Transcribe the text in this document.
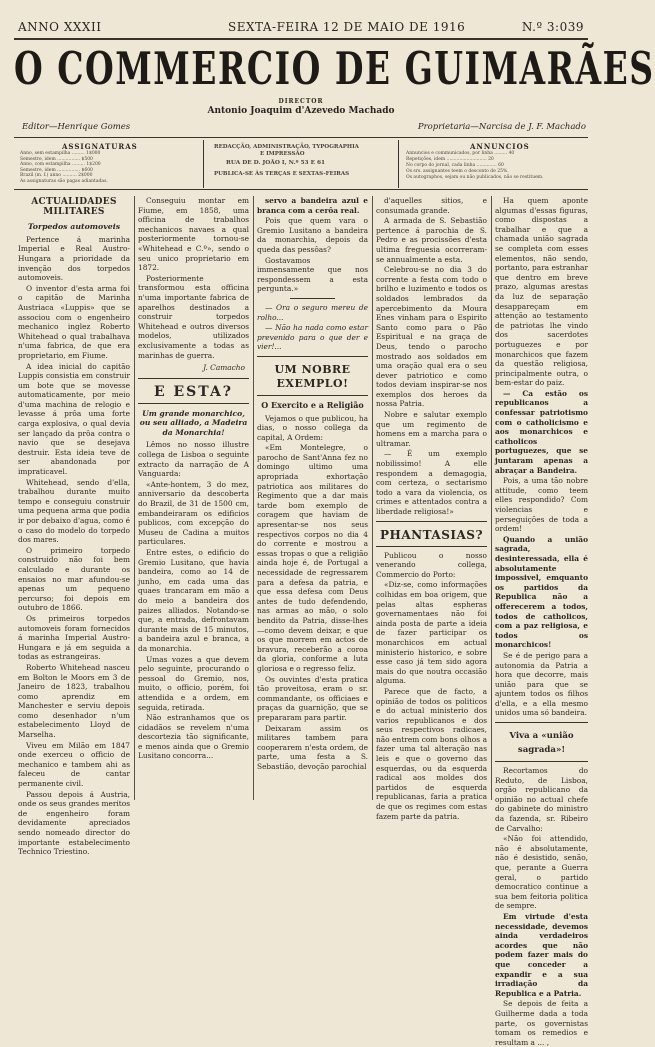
ANNO XXXII	SEXTA-FEIRA 12 DE MAIO DE 1916	N.º 3:039
O COMMERCIO DE GUIMARÃES
DIRECTOR
Antonio Joaquim d'Azevedo Machado
Editor—Henrique Gomes	Proprietaria—Narcisa de J. F. Machado
ASSIGNATURAS
Anno, sem estampilha ......... 1$000
Semestre, idem ................ $500
Anno, com estampilha ......... 1$200
Semestre, idem ................ $600
Brazil (m. f.) anno .......... 2$000
As assignaturas são pagas adiantadas.
REDACÇÃO, ADMINISTRAÇÃO, TYPOGRAPHIA
E IMPRESSÃO
RUA DE D. JOÃO I, N.º 53 E 61
PUBLICA-SE ÀS TERÇAS E SEXTAS-FEIRAS
ANNUNCIOS
Annuncios e communicados, por linha ......... 40
Repetições, idem ............................ 20
No corpo do jornal, cada linha .............. 60
Os srs. assignantes teem o desconto de 25%.
Os autographos, sejam ou não publicados, não se restituem.
ACTUALIDADES MILITARES
Torpedos automoveis

Pertence á marinha Imperial e Real Austro-Hungara a prioridade da invenção dos torpedos automoveis.

O inventor d'esta arma foi o capitão de Marinha Austriaca «Luppis» que se associou com o engenheiro mechanico inglez Roberto Whitehead o qual trabalhava n'uma fabrica, de que era proprietario, em Fiume.

A idea inicial do capitão Luppis consistia em construir um bote que se movesse automaticamente, por meio d'uma machina de relogio e levasse á prôa uma forte carga explosiva, o qual devia ser lançado da prôa contra o navio que se desejava destruir. Esta ideia teve de ser abandonada por impraticavel.

Whitehead, sendo d'ella, trabalhou durante muito tempo e conseguiu construir uma pequena arma que podia ir por debaixo d'agua, como é o caso do modelo do torpedo dos mares.

O primeiro torpedo construido não foi bem calculado e durante os ensaios no mar afundou-se apenas um pequeno percurso; foi depois em outubro de 1866.

Os primeiros torpedos automoveis foram fornecidos á marinha Imperial Austro-Hungara e já em seguida a todas as estrangeiras.

Roberto Whitehead nasceu em Bolton le Moors em 3 de Janeiro de 1823, trabalhou como aprendiz em Manchester e serviu depois como desenhador n'um estabelecimento Lloyd de Marselha.

Viveu em Milão em 1847 onde exerceu o officio de mechanico e tambem ahi as faleceu de cantar permanente civil.

Passou depois á Austria, onde os seus grandes meritos de engenheiro foram devidamente apreciados sendo nomeado director do importante estabelecimento Technico Triestino.

Conseguiu montar em Fiume, em 1858, uma officina de trabalhos mechanicos navaes a qual posteriormente tornou-se «Whitehead e C.º», sendo o seu unico proprietario em 1872.

Posteriormente transformou esta officina n'uma importante fabrica de aparelhos destinados a construir torpedos Whitehead e outros diversos modelos, utilizados exclusivamente a todas as marinhas de guerra.

J. Camacho
E ESTA?
Um grande monarchico, ou seu alliado, a Madeira da Monarchia!

Lêmos no nosso illustre collega de Lisboa o seguinte extracto da narração de A Vanguarda:

«Ante-hontem, 3 do mez, anniversario da descoberta do Brazil, de 31 de 1500 cm, embandeiraram os edificios publicos, com excepção do Museu de Cadina a muitos particulares.

Entre estes, o edificio do Gremio Lusitano, que havia bandeira, como ao 14 de junho, em cada uma das quaes trancaram em mão a do meio a bandeira dos paizes alliados. Notando-se que, a entrada, defrontavam durante mais de 15 minutos, a bandeira azul e branca, a da monarchia.

Umas vozes a que devem pelo seguinte, procurando o pessoal do Gremio, nos, muito, o officio, porém, foi attendida e a ordem, em seguida, retirada.

Não estranhamos que os cidadãos se revelem n'uma descortezia tão significante, e menos ainda que o Gremio Lusitano concorra...

servo a bandeira azul e branca com a cerôa real.

Pois que quem vara o Gremio Lusitano a bandeira da monarchia, depois da queda das pessôas?

Gostavamos immensamente que nos respondessem a esta pergunta.»

— Ora o seguro mereu de rolho...

— Não ha nada como estar prevenido para o que der e vier!...

UM NOBRE EXEMPLO!
O Exercito e a Religião

Vejamos o que publicou, ha dias, o nosso collega da capital, A Ordem:

«Em Montelegre, o parocho de Sant'Anna fez no domingo ultimo uma apropriada exhortação patriotica aos militares do Regimento que a dar mais tarde bom exemplo de coragem que haviam de apresentar-se nos seus respectivos corpos no dia 4 do corrente e mostrou a essas tropas o que a religião ainda hoje é, de Portugal a necessidade de regressarem para a defesa da patria, e que essa defesa com Deus antes de tudo defendendo, nas armas ao mão, o solo bendito da Patria, disse-lhes—como devem deixar, e que os que morrem em actos de bravura, receberão a coroa da gloria, conforme a luta gloriosa e o regresso feliz.

Os ouvintes d'esta pratica tão proveitosa, eram o sr. commandante, os officiaes e praças da guarnição, que se prepararam para partir.

Deixaram assim os militares tambem para cooperarem n'esta ordem, de parte, uma festa a S. Sebastião, devoção parochial

d'aquelles sitios, e consumada grande.

A armada de S. Sebastião pertence á parochia de S. Pedro e as procissões d'esta ultima freguesia ocorreram-se annualmente a esta.

Celebrou-se no dia 3 do corrente a festa com todo o brilho e luzimento e todos os soldados lembrados da apercebimento da Moura Enes vinham para o Espirito Santo como para o Pão Espiritual e na graça de Deus, tendo o parocho mostrado aos soldados em uma oração qual era o seu dever patriotico e como todos deviam inspirar-se nos exemplos dos heroes da nossa Patria.

Nobre e salutar exemplo que um regimento de homens em a marcha para o ultramar.

— É um exemplo nobilissimo! A elle respondem a demagogia, com certeza, o sectarismo todo a vara da violencia, os crimes e attentados contra a liberdade religiosa!»

PHANTASIAS?

Publicou o nosso venerando collega, Commercio do Porto:

«Diz-se, como informações colhidas em boa origem, que pelas altas espheras governamentaes não foi ainda posta de parte a ideia de fazer participar os monarchicos em actual ministerio historico, e sobre esse caso já tem sido agora mais do que noutra occasião alguma.

Parece que de facto, a opinião de todos os politicos e do actual ministerio dos varios republicanos e dos seus respectivos radicaes, não entrem com bons olhos a fazer uma tal alteração nas leis e que o governo das esquerdas, ou da esquerda radical aos moldes dos partidos de esquerda republicanas, faria a pratica de que os regimes com estas fazem parte da patria.

Ha quem aponte algumas d'essas figuras, como dispostas a trabalhar e que a chamada união sagrada se completa com esses elementos, não sendo, portanto, para estranhar que dentro em breve prazo, algumas arestas da luz de separação desappareçam em attenção ao testamento de patriotas lhe vindo dos sacerdotes portuguezes e por monarchicos que fazem da questão religiosa, principalmente outra, o bem-estar do paiz.

— Ca estão os republicanos a confessar patriotismo com o catholicismo e aos monarchicos e catholicos portuguezes, que se juntaram apenas a abraçar a Bandeira.

Pois, a uma tão nobre attitude, como teem elles respondido? Com violencias e perseguições de toda a ordem!

Quando a união sagrada, desinteressada, ella é absolutamente impossivel, emquanto os partidos da Republica não a offerecerem a todos, todos de catholicos, com a paz religiosa, e todos os monarchicos!

Se é de perigo para a autonomia da Patria a hora que decorre, mais união para que se ajuntem todos os filhos d'ella, e a ella mesmo unidos uma só bandeira.

Viva a «união sagrada»!

Recortamos do Reduto, de Lisboa, orgão republicano da opinião no actual chefe do gabinete do ministro da fazenda, sr. Ribeiro de Carvalho:

«Não foi attendido, não é absolutamente, não é desistido, senão, que, perante a Guerra geral, o partido democratico continue a sua bem feitoria politica de sempre.

Em virtude d'esta necessidade, devemos ainda verdadeiros acordes que não podem fazer mais do que conceder a expandir e a sua irradiação da Republica e a Patria.

Se depois de feita a Guilherme dada a toda parte, os governistas tomam os remedios e resultam a ... ,
